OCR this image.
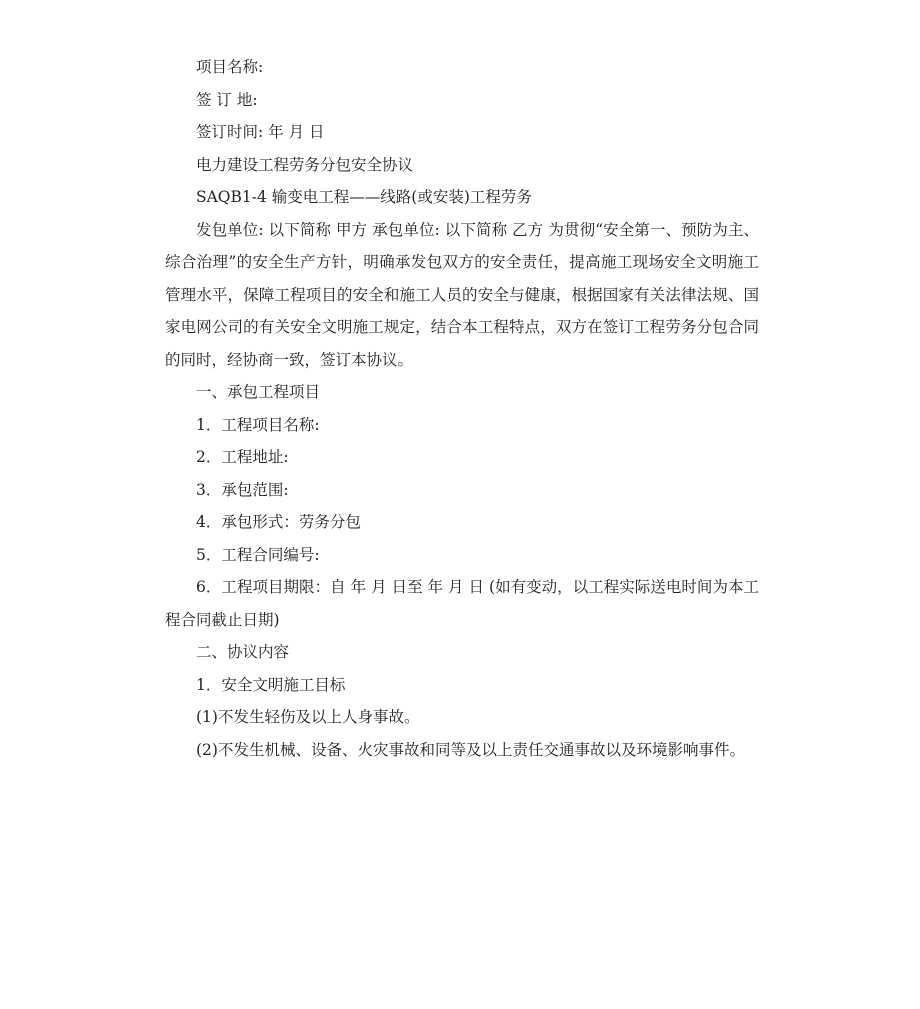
项目名称:

签 订 地:

签订时间: 年 月 日

电力建设工程劳务分包安全协议

SAQB1-4 输变电工程——线路(或安装)工程劳务

发包单位: 以下简称 甲方 承包单位: 以下简称 乙方 为贯彻“安全第一、预防为主、综合治理”的安全生产方针，明确承发包双方的安全责任，提高施工现场安全文明施工管理水平，保障工程项目的安全和施工人员的安全与健康，根据国家有关法律法规、国家电网公司的有关安全文明施工规定，结合本工程特点，双方在签订工程劳务分包合同的同时，经协商一致，签订本协议。

一、承包工程项目

1．工程项目名称:

2．工程地址:

3．承包范围:

4．承包形式：劳务分包

5．工程合同编号:

6．工程项目期限：自 年 月 日至 年 月 日 (如有变动，以工程实际送电时间为本工程合同截止日期)

二、协议内容

1．安全文明施工目标

(1)不发生轻伤及以上人身事故。

(2)不发生机械、设备、火灾事故和同等及以上责任交通事故以及环境影响事件。
